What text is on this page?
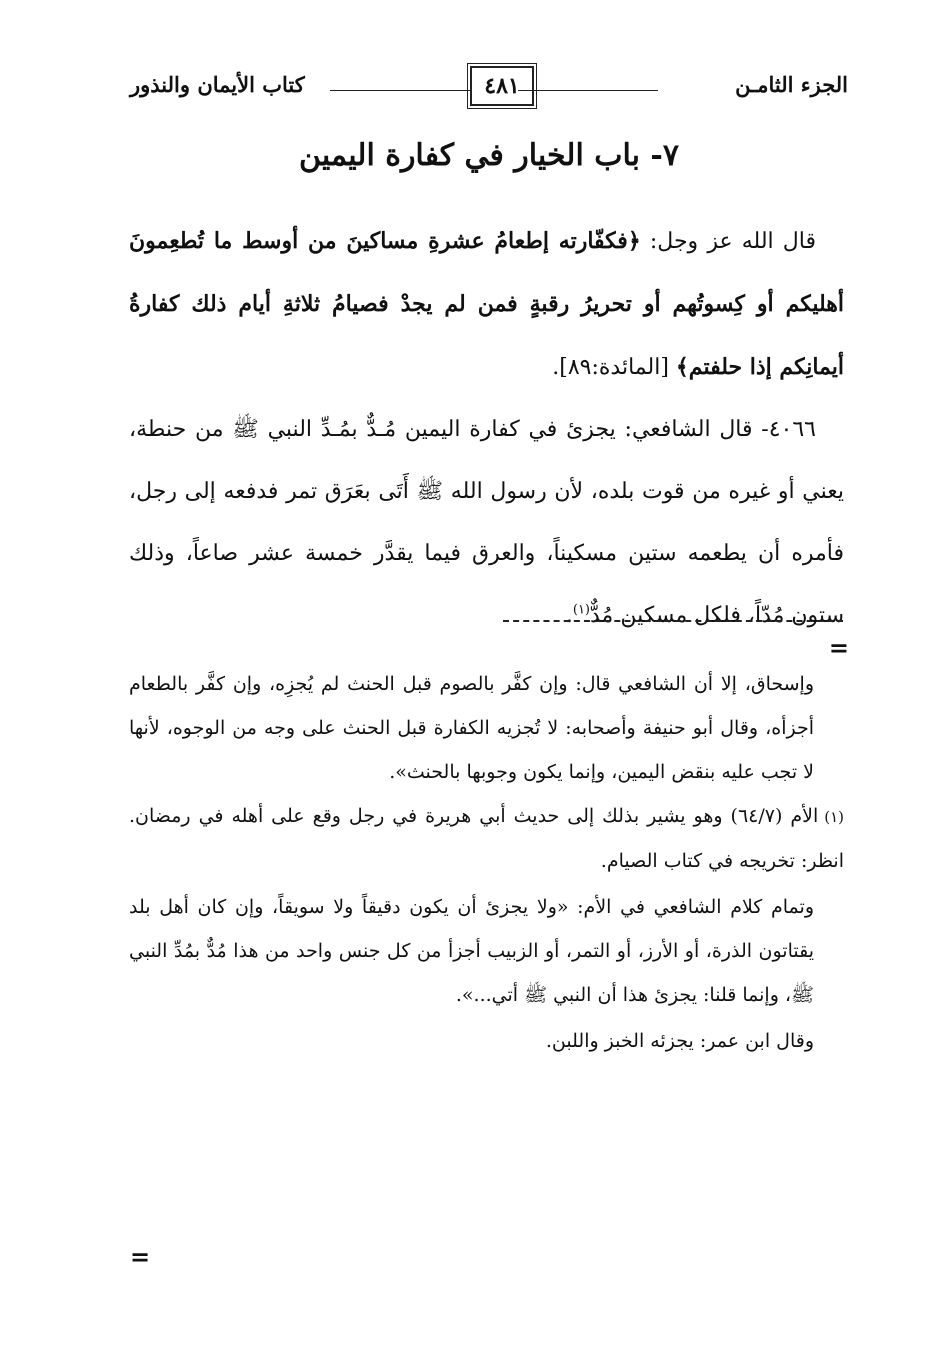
الجزء الثامـن
٤٨١
كتاب الأيمان والنذور
٧- باب الخيار في كفارة اليمين

قال الله عز وجل: ﴿فكفّارته إطعامُ عشرةِ مساكينَ من أوسط ما تُطعِمونَ أهليكم أو كِسوتُهم أو تحريرُ رقبةٍ فمن لم يجدْ فصيامُ ثلاثةِ أيام ذلك كفارةُ أيمانِكم إذا حلفتم﴾ [المائدة:٨٩].

٤٠٦٦- قال الشافعي: يجزئ في كفارة اليمين مُـدٌّ بمُـدِّ النبي ﷺ من حنطة، يعني أو غيره من قوت بلده، لأن رسول الله ﷺ أَتَى بعَرَق تمر فدفعه إلى رجل، فأمره أن يطعمه ستين مسكيناً، والعرق فيما يقدَّر خمسة عشر صاعاً، وذلك ستون مُدّاً، فلكل مسكين مُدٌّ$^{(١)}$.

=

وإسحاق، إلا أن الشافعي قال: وإن كفَّر بالصوم قبل الحنث لم يُجزِه، وإن كفَّر بالطعام أجزأه، وقال أبو حنيفة وأصحابه: لا تُجزيه الكفارة قبل الحنث على وجه من الوجوه، لأنها لا تجب عليه بنقض اليمين، وإنما يكون وجوبها بالحنث».

(١)الأم (٦٤/٧) وهو يشير بذلك إلى حديث أبي هريرة في رجل وقع على أهله في رمضان. انظر: تخريجه في كتاب الصيام.

وتمام كلام الشافعي في الأم: «ولا يجزئ أن يكون دقيقاً ولا سويقاً، وإن كان أهل بلد يقتاتون الذرة، أو الأرز، أو التمر، أو الزبيب أجزأ من كل جنس واحد من هذا مُدٌّ بمُدِّ النبي ﷺ، وإنما قلنا: يجزئ هذا أن النبي ﷺ أتي...».

وقال ابن عمر: يجزئه الخبز واللبن.

=
